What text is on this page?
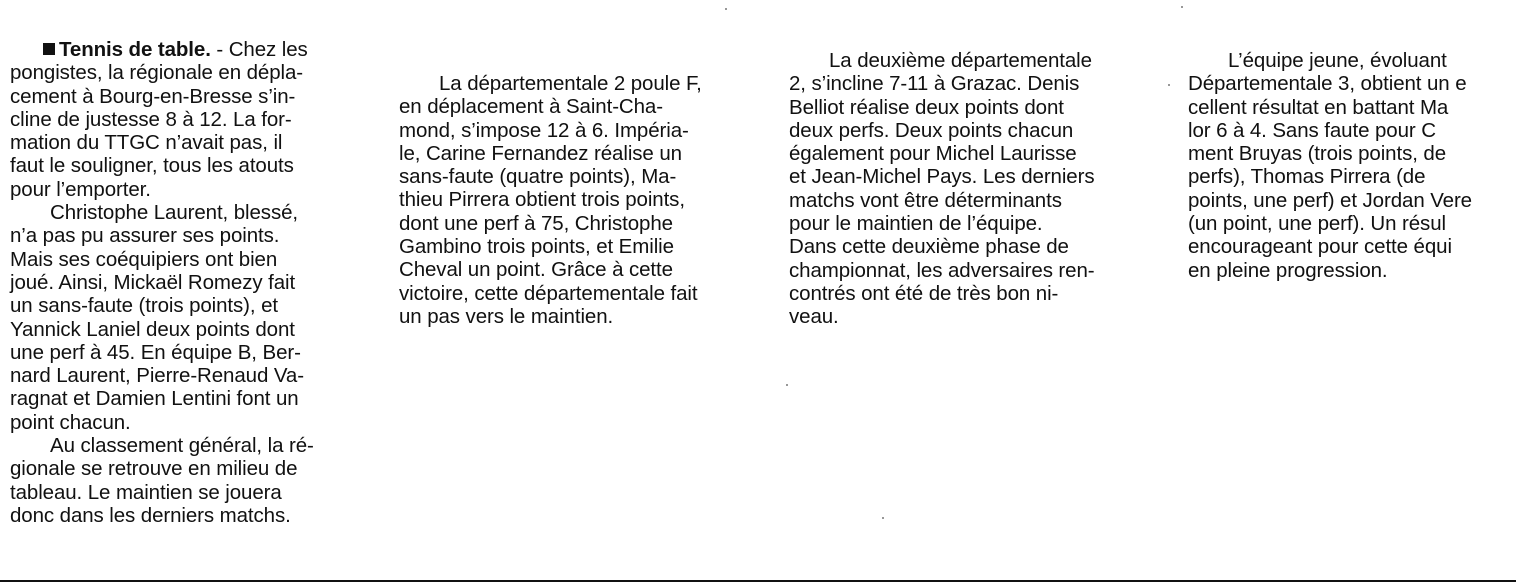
Tennis de table. - Chez les
pongistes, la régionale en dépla-
cement à Bourg-en-Bresse s’in-
cline de justesse 8 à 12. La for-
mation du TTGC n’avait pas, il
faut le souligner, tous les atouts
pour l’emporter.
Christophe Laurent, blessé,
n’a pas pu assurer ses points.
Mais ses coéquipiers ont bien
joué. Ainsi, Mickaël Romezy fait
un sans-faute (trois points), et
Yannick Laniel deux points dont
une perf à 45. En équipe B, Ber-
nard Laurent, Pierre-Renaud Va-
ragnat et Damien Lentini font un
point chacun.
Au classement général, la ré-
gionale se retrouve en milieu de
tableau. Le maintien se jouera
donc dans les derniers matchs.
La départementale 2 poule F,
en déplacement à Saint-Cha-
mond, s’impose 12 à 6. Impéria-
le, Carine Fernandez réalise un
sans-faute (quatre points), Ma-
thieu Pirrera obtient trois points,
dont une perf à 75, Christophe
Gambino trois points, et Emilie
Cheval un point. Grâce à cette
victoire, cette départementale fait
un pas vers le maintien.
La deuxième départementale
2, s’incline 7-11 à Grazac. Denis
Belliot réalise deux points dont
deux perfs. Deux points chacun
également pour Michel Laurisse
et Jean-Michel Pays. Les derniers
matchs vont être déterminants
pour le maintien de l’équipe.
Dans cette deuxième phase de
championnat, les adversaires ren-
contrés ont été de très bon ni-
veau.
L’équipe jeune, évoluant
Départementale 3, obtient un e
cellent résultat en battant Ma
lor 6 à 4. Sans faute pour C
ment Bruyas (trois points, de
perfs), Thomas Pirrera (de
points, une perf) et Jordan Vere
(un point, une perf). Un résul
encourageant pour cette équi
en pleine progression.
